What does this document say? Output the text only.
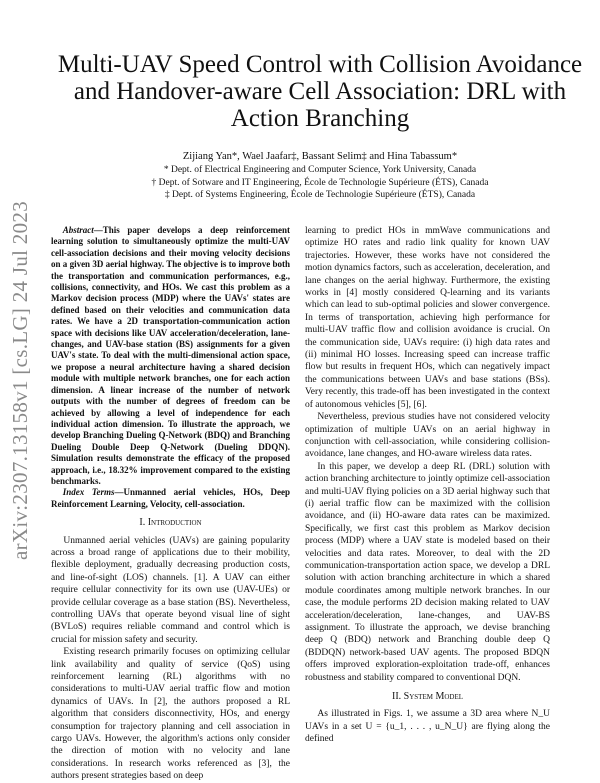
arXiv:2307.13158v1 [cs.LG] 24 Jul 2023
Multi-UAV Speed Control with Collision Avoidance and Handover-aware Cell Association: DRL with Action Branching
Zijiang Yan*, Wael Jaafar‡, Bassant Selim‡ and Hina Tabassum*
* Dept. of Electrical Engineering and Computer Science, York University, Canada
† Dept. of Sotware and IT Engineering, École de Technologie Supérieure (ÉTS), Canada
‡ Dept. of Systems Engineering, École de Technologie Supérieure (ÉTS), Canada

Abstract—This paper develops a deep reinforcement learning solution to simultaneously optimize the multi-UAV cell-association decisions and their moving velocity decisions on a given 3D aerial highway. The objective is to improve both the transportation and communication performances, e.g., collisions, connectivity, and HOs. We cast this problem as a Markov decision process (MDP) where the UAVs' states are defined based on their velocities and communication data rates. We have a 2D transportation-communication action space with decisions like UAV acceleration/deceleration, lane-changes, and UAV-base station (BS) assignments for a given UAV's state. To deal with the multi-dimensional action space, we propose a neural architecture having a shared decision module with multiple network branches, one for each action dimension. A linear increase of the number of network outputs with the number of degrees of freedom can be achieved by allowing a level of independence for each individual action dimension. To illustrate the approach, we develop Branching Dueling Q-Network (BDQ) and Branching Dueling Double Deep Q-Network (Dueling DDQN). Simulation results demonstrate the efficacy of the proposed approach, i.e., 18.32% improvement compared to the existing benchmarks.

Index Terms—Unmanned aerial vehicles, HOs, Deep Reinforcement Learning, Velocity, cell-association.

I. Introduction

Unmanned aerial vehicles (UAVs) are gaining popularity across a broad range of applications due to their mobility, flexible deployment, gradually decreasing production costs, and line-of-sight (LOS) channels. [1]. A UAV can either require cellular connectivity for its own use (UAV-UEs) or provide cellular coverage as a base station (BS). Nevertheless, controlling UAVs that operate beyond visual line of sight (BVLoS) requires reliable command and control which is crucial for mission safety and security.

Existing research primarily focuses on optimizing cellular link availability and quality of service (QoS) using reinforcement learning (RL) algorithms with no considerations to multi-UAV aerial traffic flow and motion dynamics of UAVs. In [2], the authors proposed a RL algorithm that considers disconnectivity, HOs, and energy consumption for trajectory planning and cell association in cargo UAVs. However, the algorithm's actions only consider the direction of motion with no velocity and lane considerations. In research works referenced as [3], the authors present strategies based on deep

learning to predict HOs in mmWave communications and optimize HO rates and radio link quality for known UAV trajectories. However, these works have not considered the motion dynamics factors, such as acceleration, deceleration, and lane changes on the aerial highway. Furthermore, the existing works in [4] mostly considered Q-learning and its variants which can lead to sub-optimal policies and slower convergence. In terms of transportation, achieving high performance for multi-UAV traffic flow and collision avoidance is crucial. On the communication side, UAVs require: (i) high data rates and (ii) minimal HO losses. Increasing speed can increase traffic flow but results in frequent HOs, which can negatively impact the communications between UAVs and base stations (BSs). Very recently, this trade-off has been investigated in the context of autonomous vehicles [5], [6].

Nevertheless, previous studies have not considered velocity optimization of multiple UAVs on an aerial highway in conjunction with cell-association, while considering collision-avoidance, lane changes, and HO-aware wireless data rates.

In this paper, we develop a deep RL (DRL) solution with action branching architecture to jointly optimize cell-association and multi-UAV flying policies on a 3D aerial highway such that (i) aerial traffic flow can be maximized with the collision avoidance, and (ii) HO-aware data rates can be maximized. Specifically, we first cast this problem as Markov decision process (MDP) where a UAV state is modeled based on their velocities and data rates. Moreover, to deal with the 2D communication-transportation action space, we develop a DRL solution with action branching architecture in which a shared module coordinates among multiple network branches. In our case, the module performs 2D decision making related to UAV acceleration/deceleration, lane-changes, and UAV-BS assignment. To illustrate the approach, we devise branching deep Q (BDQ) network and Branching double deep Q (BDDQN) network-based UAV agents. The proposed BDQN offers improved exploration-exploitation trade-off, enhances robustness and stability compared to conventional DQN.

II. System Model

As illustrated in Figs. 1, we assume a 3D area where N_U UAVs in a set U = {u_1, . . . , u_N_U} are flying along the defined
